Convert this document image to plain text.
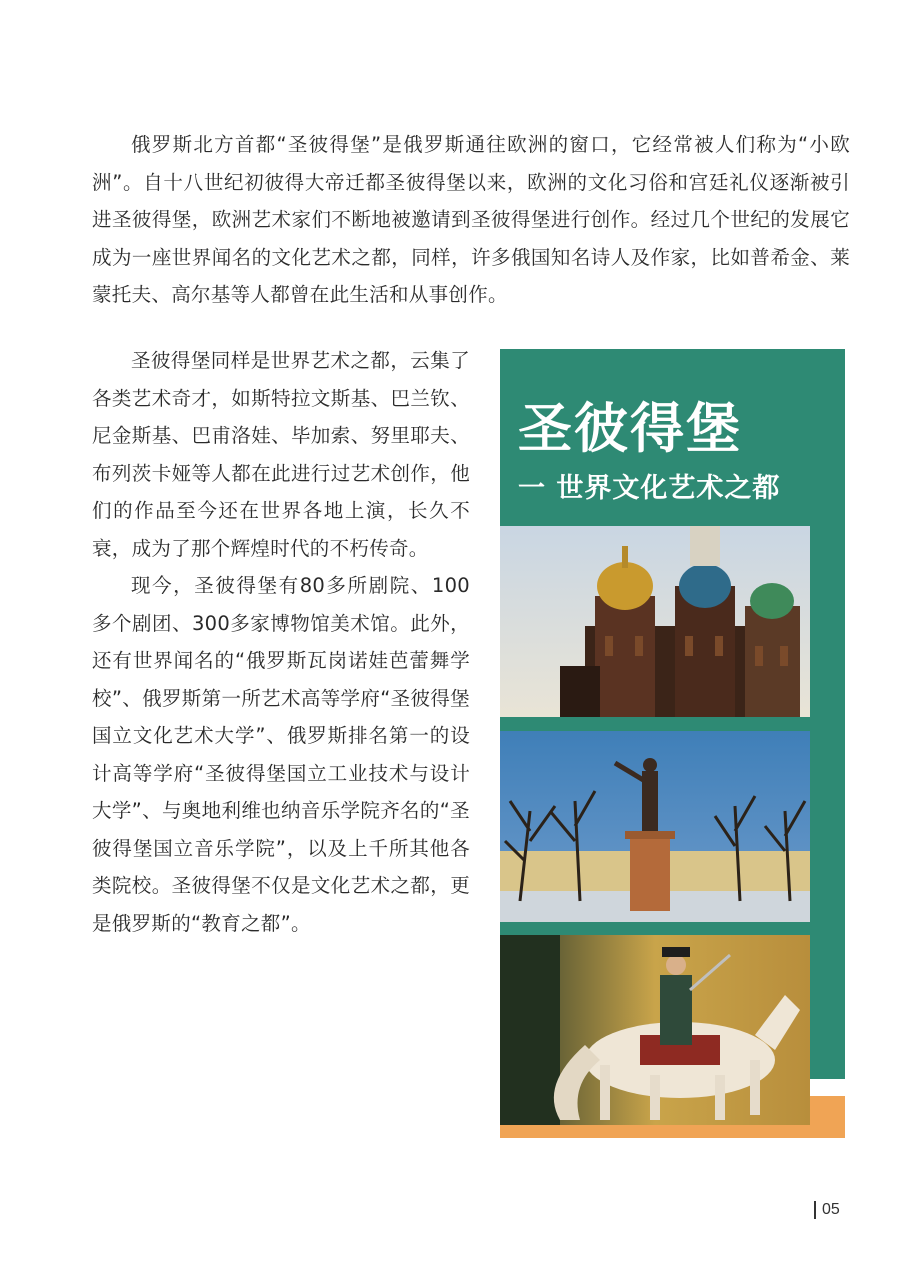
俄罗斯北方首都“圣彼得堡”是俄罗斯通往欧洲的窗口，它经常被人们称为“小欧洲”。自十八世纪初彼得大帝迁都圣彼得堡以来，欧洲的文化习俗和宫廷礼仪逐渐被引进圣彼得堡，欧洲艺术家们不断地被邀请到圣彼得堡进行创作。经过几个世纪的发展它成为一座世界闻名的文化艺术之都，同样，许多俄国知名诗人及作家，比如普希金、莱蒙托夫、高尔基等人都曾在此生活和从事创作。

圣彼得堡同样是世界艺术之都，云集了各类艺术奇才，如斯特拉文斯基、巴兰钦、尼金斯基、巴甫洛娃、毕加索、努里耶夫、布列茨卡娅等人都在此进行过艺术创作，他们的作品至今还在世界各地上演，长久不衰，成为了那个辉煌时代的不朽传奇。

现今，圣彼得堡有80多所剧院、100多个剧团、300多家博物馆美术馆。此外，还有世界闻名的“俄罗斯瓦岗诺娃芭蕾舞学校”、俄罗斯第一所艺术高等学府“圣彼得堡国立文化艺术大学”、俄罗斯排名第一的设计高等学府“圣彼得堡国立工业技术与设计大学”、与奥地利维也纳音乐学院齐名的“圣彼得堡国立音乐学院”，以及上千所其他各类院校。圣彼得堡不仅是文化艺术之都，更是俄罗斯的“教育之都”。

圣彼得堡
一 世界文化艺术之都
05
